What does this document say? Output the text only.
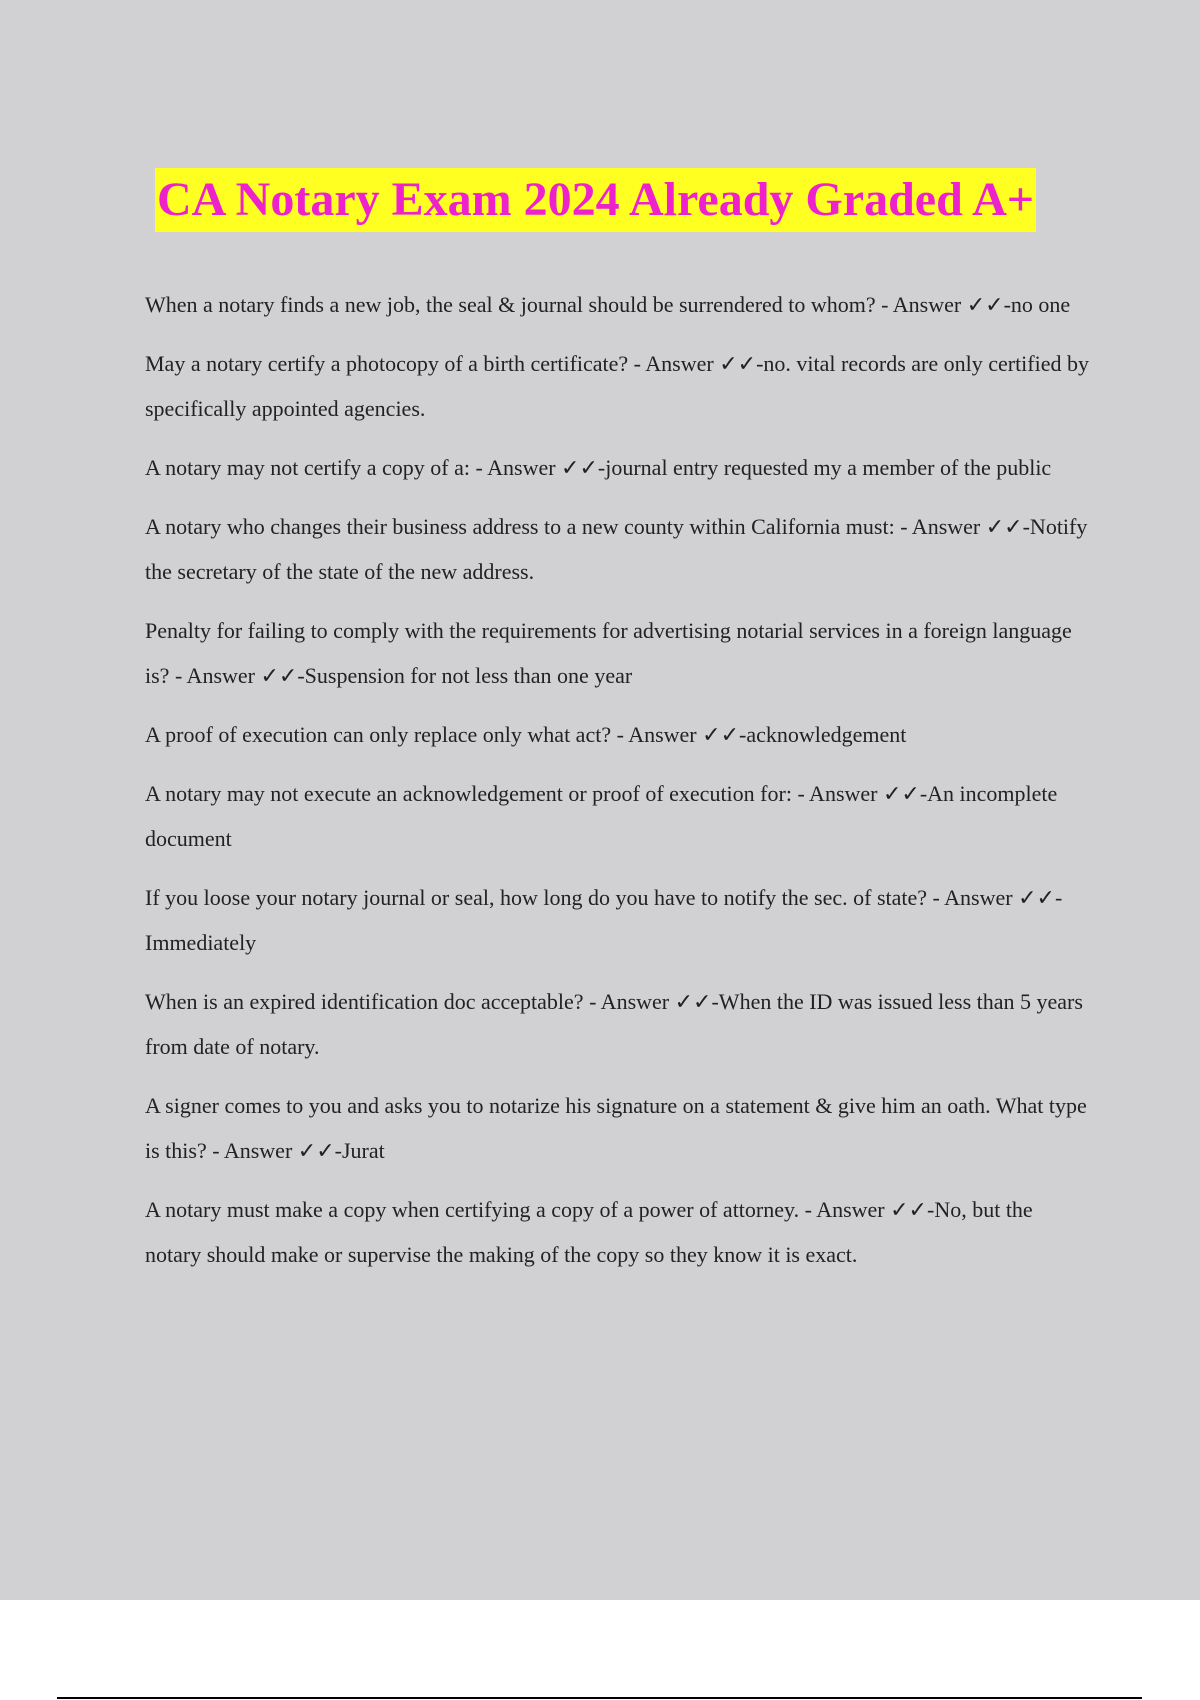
CA Notary Exam 2024 Already Graded A+
When a notary finds a new job, the seal & journal should be surrendered to whom? - Answer ✓✓-no one
May a notary certify a photocopy of a birth certificate? - Answer ✓✓-no. vital records are only certified by specifically appointed agencies.
A notary may not certify a copy of a: - Answer ✓✓-journal entry requested my a member of the public
A notary who changes their business address to a new county within California must: - Answer ✓✓-Notify the secretary of the state of the new address.
Penalty for failing to comply with the requirements for advertising notarial services in a foreign language is? - Answer ✓✓-Suspension for not less than one year
A proof of execution can only replace only what act? - Answer ✓✓-acknowledgement
A notary may not execute an acknowledgement or proof of execution for: - Answer ✓✓-An incomplete document
If you loose your notary journal or seal, how long do you have to notify the sec. of state? - Answer ✓✓-Immediately
When is an expired identification doc acceptable? - Answer ✓✓-When the ID was issued less than 5 years from date of notary.
A signer comes to you and asks you to notarize his signature on a statement & give him an oath. What type is this? - Answer ✓✓-Jurat
A notary must make a copy when certifying a copy of a power of attorney. - Answer ✓✓-No, but the notary should make or supervise the making of the copy so they know it is exact.
